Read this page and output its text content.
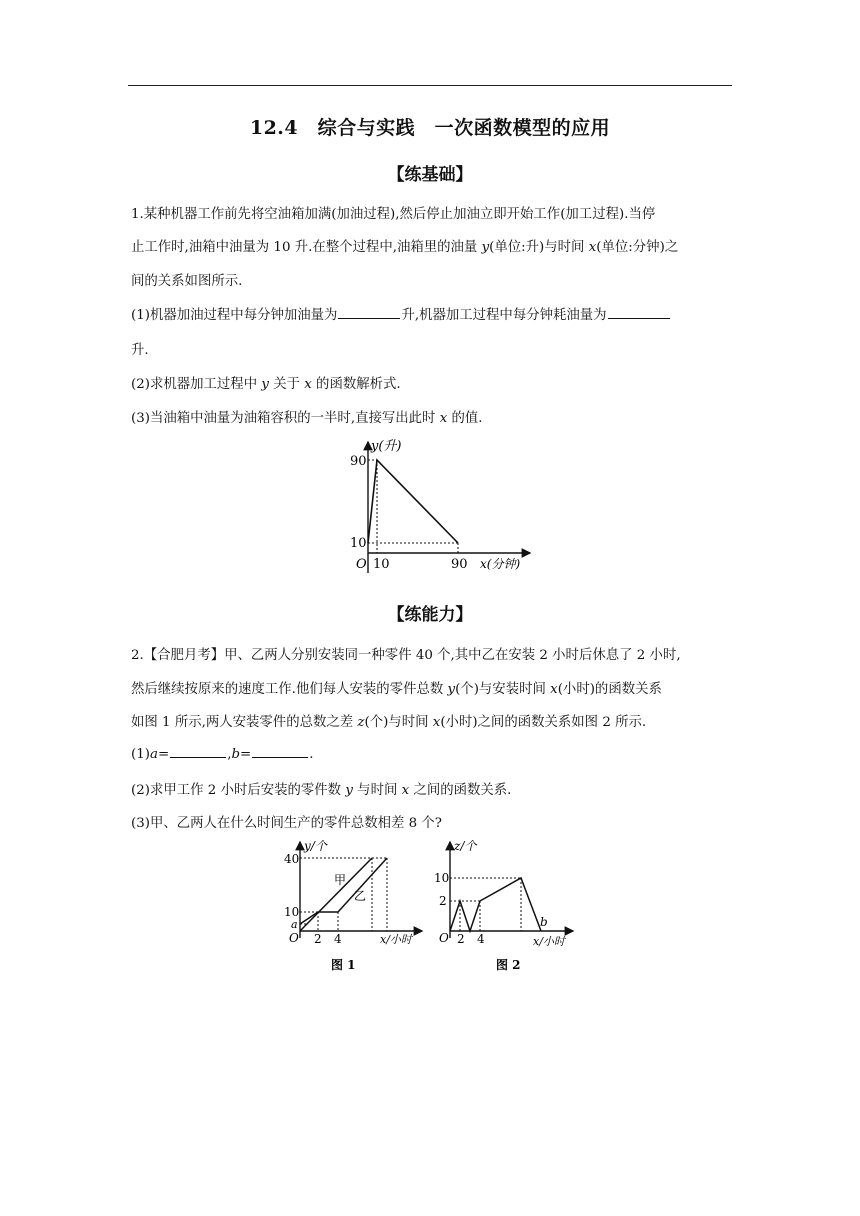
12.4　综合与实践　一次函数模型的应用
【练基础】
1.某种机器工作前先将空油箱加满(加油过程),然后停止加油立即开始工作(加工过程).当停
止工作时,油箱中油量为 10 升.在整个过程中,油箱里的油量 y(单位:升)与时间 x(单位:分钟)之
间的关系如图所示.
(1)机器加油过程中每分钟加油量为	升,机器加工过程中每分钟耗油量为
升.
(2)求机器加工过程中 y 关于 x 的函数解析式.
(3)当油箱中油量为油箱容积的一半时,直接写出此时 x 的值.
y(升)
90
10
O 10	90 x(分钟)
【练能力】
2.【合肥月考】甲、乙两人分别安装同一种零件 40 个,其中乙在安装 2 小时后休息了 2 小时,
然后继续按原来的速度工作.他们每人安装的零件总数 y(个)与安装时间 x(小时)的函数关系
如图 1 所示,两人安装零件的总数之差 z(个)与时间 x(小时)之间的函数关系如图 2 所示.
(1)a=	,b=	.
(2)求甲工作 2 小时后安装的零件数 y 与时间 x 之间的函数关系.
(3)甲、乙两人在什么时间生产的零件总数相差 8 个?
y/个
40
10
a
O 2 4	x/小时
甲
乙
图 1
z/个
10
2
O 2 4
b
x/小时
图 2
